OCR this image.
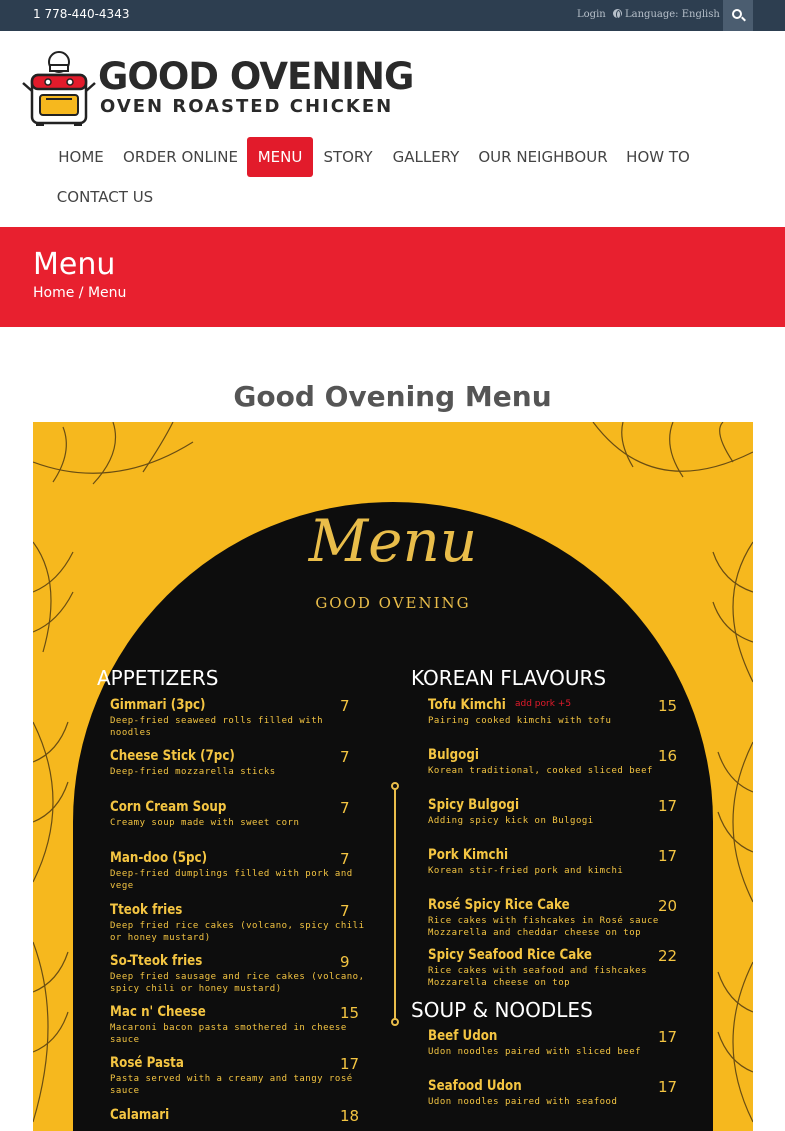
1 778-440-4343	Login	Language: English
GOOD OVENING
OVEN ROASTED CHICKEN
HOME	ORDER ONLINE	MENU	STORY	GALLERY	OUR NEIGHBOUR	HOW TO
CONTACT US
Menu
Home / Menu
Good Ovening Menu
Menu
GOOD OVENING
APPETIZERS
Gimmari (3pc)	7
Deep-fried seaweed rolls filled with noodles
Cheese Stick (7pc)	7
Deep-fried mozzarella sticks
Corn Cream Soup	7
Creamy soup made with sweet corn
Man-doo (5pc)	7
Deep-fried dumplings filled with pork and vege
Tteok fries	7
Deep fried rice cakes (volcano, spicy chili or honey mustard)
So-Tteok fries	9
Deep fried sausage and rice cakes (volcano, spicy chili or honey mustard)
Mac n' Cheese	15
Macaroni bacon pasta smothered in cheese sauce
Rosé Pasta	17
Pasta served with a creamy and tangy rosé sauce
Calamari	18
KOREAN FLAVOURS
Tofu Kimchi add pork +5	15
Pairing cooked kimchi with tofu
Bulgogi	16
Korean traditional, cooked sliced beef
Spicy Bulgogi	17
Adding spicy kick on Bulgogi
Pork Kimchi	17
Korean stir-fried pork and kimchi
Rosé Spicy Rice Cake	20
Rice cakes with fishcakes in Rosé sauce Mozzarella and cheddar cheese on top
Spicy Seafood Rice Cake	22
Rice cakes with seafood and fishcakes Mozzarella cheese on top
SOUP & NOODLES
Beef Udon	17
Udon noodles paired with sliced beef
Seafood Udon	17
Udon noodles paired with seafood
